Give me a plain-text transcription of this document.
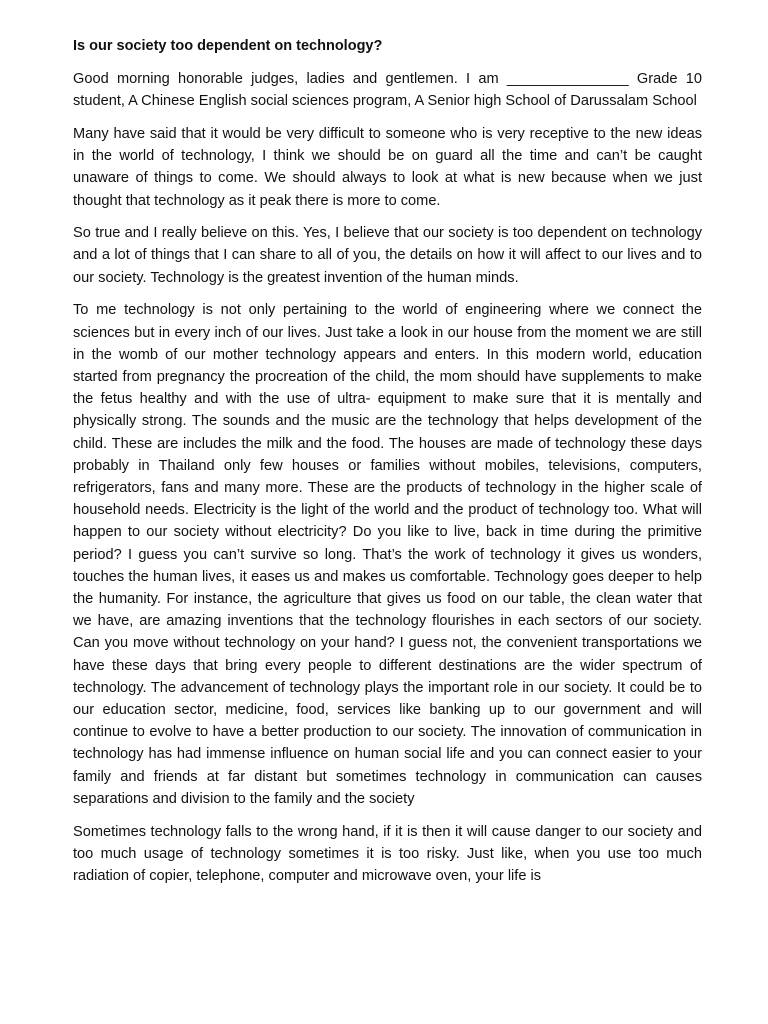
Is our society too dependent on technology?

Good morning honorable judges, ladies and gentlemen. I am _______________ Grade 10 student, A Chinese English social sciences program, A Senior high School of Darussalam School

Many have said that it would be very difficult to someone who is very receptive to the new ideas in the world of technology, I think we should be on guard all the time and can’t be caught unaware of things to come. We should always to look at what is new because when we just thought that technology as it peak there is more to come.

So true and I really believe on this. Yes, I believe that our society is too dependent on technology and a lot of things that I can share to all of you, the details on how it will affect to our lives and to our society. Technology is the greatest invention of the human minds.

To me technology is not only pertaining to the world of engineering where we connect the sciences but in every inch of our lives. Just take a look in our house from the moment we are still in the womb of our mother technology appears and enters. In this modern world, education started from pregnancy the procreation of the child, the mom should have supplements to make the fetus healthy and with the use of ultra- equipment to make sure that it is mentally and physically strong. The sounds and the music are the technology that helps development of the child. These are includes the milk and the food. The houses are made of technology these days probably in Thailand only few houses or families without mobiles, televisions, computers, refrigerators, fans and many more. These are the products of technology in the higher scale of household needs. Electricity is the light of the world and the product of technology too. What will happen to our society without electricity? Do you like to live, back in time during the primitive period? I guess you can’t survive so long. That’s the work of technology it gives us wonders, touches the human lives, it eases us and makes us comfortable. Technology goes deeper to help the humanity. For instance, the agriculture that gives us food on our table, the clean water that we have, are amazing inventions that the technology flourishes in each sectors of our society. Can you move without technology on your hand? I guess not, the convenient transportations we have these days that bring every people to different destinations are the wider spectrum of technology. The advancement of technology plays the important role in our society. It could be to our education sector, medicine, food, services like banking up to our government and will continue to evolve to have a better production to our society. The innovation of communication in technology has had immense influence on human social life and you can connect easier to your family and friends at far distant but sometimes technology in communication can causes separations and division to the family and the society

Sometimes technology falls to the wrong hand, if it is then it will cause danger to our society and too much usage of technology sometimes it is too risky. Just like, when you use too much radiation of copier, telephone, computer and microwave oven, your life is
